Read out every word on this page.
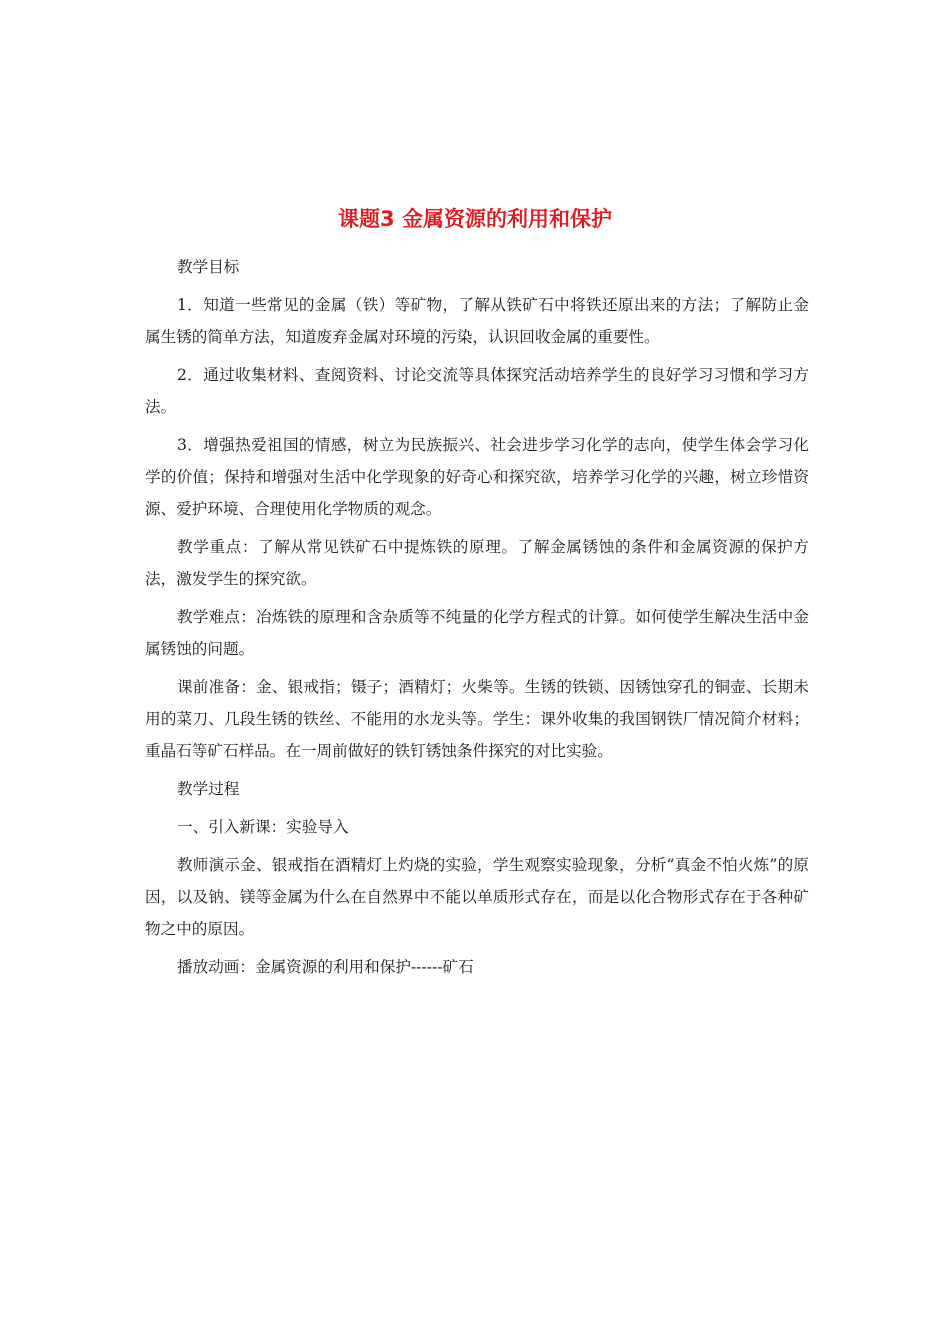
课题3 金属资源的利用和保护

教学目标

1．知道一些常见的金属（铁）等矿物，了解从铁矿石中将铁还原出来的方法；了解防止金属生锈的简单方法，知道废弃金属对环境的污染，认识回收金属的重要性。

2．通过收集材料、查阅资料、讨论交流等具体探究活动培养学生的良好学习习惯和学习方法。

3．增强热爱祖国的情感，树立为民族振兴、社会进步学习化学的志向，使学生体会学习化学的价值；保持和增强对生活中化学现象的好奇心和探究欲，培养学习化学的兴趣，树立珍惜资源、爱护环境、合理使用化学物质的观念。

教学重点：了解从常见铁矿石中提炼铁的原理。了解金属锈蚀的条件和金属资源的保护方法，激发学生的探究欲。

教学难点：冶炼铁的原理和含杂质等不纯量的化学方程式的计算。如何使学生解决生活中金属锈蚀的问题。

课前准备：金、银戒指；镊子；酒精灯；火柴等。生锈的铁锁、因锈蚀穿孔的铜壶、长期未用的菜刀、几段生锈的铁丝、不能用的水龙头等。学生：课外收集的我国钢铁厂情况简介材料；重晶石等矿石样品。在一周前做好的铁钉锈蚀条件探究的对比实验。

教学过程

一、引入新课：实验导入

教师演示金、银戒指在酒精灯上灼烧的实验，学生观察实验现象，分析“真金不怕火炼”的原因，以及钠、镁等金属为什么在自然界中不能以单质形式存在，而是以化合物形式存在于各种矿物之中的原因。

播放动画：金属资源的利用和保护------矿石
